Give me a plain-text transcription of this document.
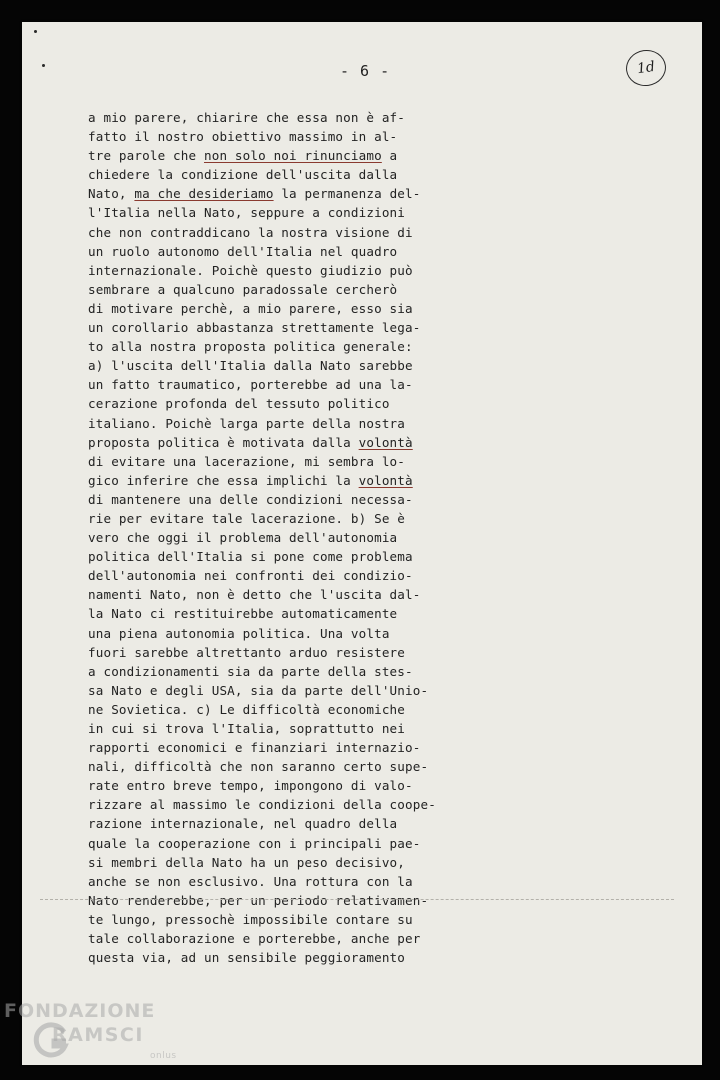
- 6 -	1d
a mio parere, chiarire che essa non è af-
fatto il nostro obiettivo massimo in al-
tre parole che non solo noi rinunciamo a
chiedere la condizione dell'uscita dalla
Nato, ma che desideriamo la permanenza del-
l'Italia nella Nato, seppure a condizioni
che non contraddicano la nostra visione di
un ruolo autonomo dell'Italia nel quadro
internazionale. Poichè questo giudizio può
sembrare a qualcuno paradossale cercherò
di motivare perchè, a mio parere, esso sia
un corollario abbastanza strettamente lega-
to alla nostra proposta politica generale:
a) l'uscita dell'Italia dalla Nato sarebbe
un fatto traumatico, porterebbe ad una la-
cerazione profonda del tessuto politico
italiano. Poichè larga parte della nostra
proposta politica è motivata dalla volontà
di evitare una lacerazione, mi sembra lo-
gico inferire che essa implichi la volontà
di mantenere una delle condizioni necessa-
rie per evitare tale lacerazione. b) Se è
vero che oggi il problema dell'autonomia
politica dell'Italia si pone come problema
dell'autonomia nei confronti dei condizio-
namenti Nato, non è detto che l'uscita dal-
la Nato ci restituirebbe automaticamente
una piena autonomia politica. Una volta
fuori sarebbe altrettanto arduo resistere
a condizionamenti sia da parte della stes-
sa Nato e degli USA, sia da parte dell'Unio-
ne Sovietica. c) Le difficoltà economiche
in cui si trova l'Italia, soprattutto nei
rapporti economici e finanziari internazio-
nali, difficoltà che non saranno certo supe-
rate entro breve tempo, impongono di valo-
rizzare al massimo le condizioni della coope-
razione internazionale, nel quadro della
quale la cooperazione con i principali pae-
si membri della Nato ha un peso decisivo,
anche se non esclusivo. Una rottura con la
Nato renderebbe, per un periodo relativamen-
te lungo, pressochè impossibile contare su
tale collaborazione e porterebbe, anche per
questa via, ad un sensibile peggioramento
FONDAZIONE
RAMSCI
onlus
